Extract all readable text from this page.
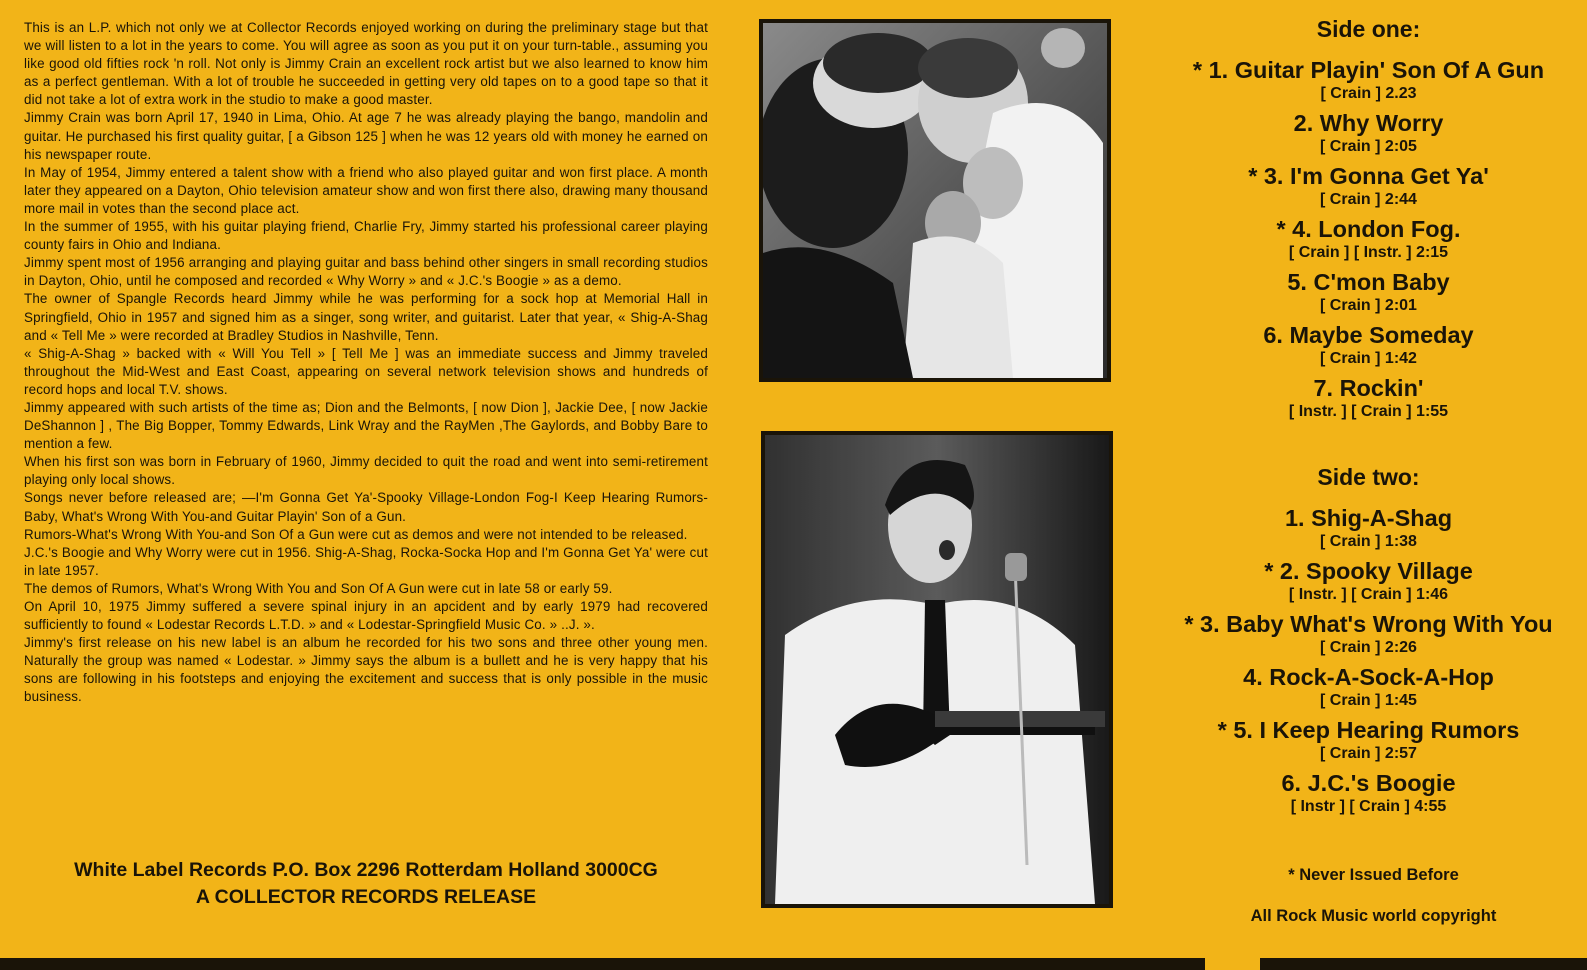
This is an L.P. which not only we at Collector Records enjoyed working on during the preliminary stage but that we will listen to a lot in the years to come. You will agree as soon as you put it on your turn-table., assuming you like good old fifties rock 'n roll. Not only is Jimmy Crain an excellent rock artist but we also learned to know him as a perfect gentleman. With a lot of trouble he succeeded in getting very old tapes on to a good tape so that it did not take a lot of extra work in the studio to make a good master.

Jimmy Crain was born April 17, 1940 in Lima, Ohio. At age 7 he was already playing the bango, mandolin and guitar. He purchased his first quality guitar, [ a Gibson 125 ] when he was 12 years old with money he earned on his newspaper route.

In May of 1954, Jimmy entered a talent show with a friend who also played guitar and won first place. A month later they appeared on a Dayton, Ohio television amateur show and won first there also, drawing many thousand more mail in votes than the second place act.

In the summer of 1955, with his guitar playing friend, Charlie Fry, Jimmy started his professional career playing county fairs in Ohio and Indiana.

Jimmy spent most of 1956 arranging and playing guitar and bass behind other singers in small recording studios in Dayton, Ohio, until he composed and recorded « Why Worry » and « J.C.'s Boogie » as a demo.

The owner of Spangle Records heard Jimmy while he was performing for a sock hop at Memorial Hall in Springfield, Ohio in 1957 and signed him as a singer, song writer, and guitarist. Later that year, « Shig-A-Shag and « Tell Me » were recorded at Bradley Studios in Nashville, Tenn.

« Shig-A-Shag » backed with « Will You Tell » [ Tell Me ] was an immediate success and Jimmy traveled throughout the Mid-West and East Coast, appearing on several network television shows and hundreds of record hops and local T.V. shows.

Jimmy appeared with such artists of the time as; Dion and the Belmonts, [ now Dion ], Jackie Dee, [ now Jackie DeShannon ] , The Big Bopper, Tommy Edwards, Link Wray and the RayMen ,The Gaylords, and Bobby Bare to mention a few.

When his first son was born in February of 1960, Jimmy decided to quit the road and went into semi-retirement playing only local shows.

Songs never before released are; —I'm Gonna Get Ya'-Spooky Village-London Fog-I Keep Hearing Rumors-Baby, What's Wrong With You-and Guitar Playin' Son of a Gun.

Rumors-What's Wrong With You-and Son Of a Gun were cut as demos and were not intended to be released.

J.C.'s Boogie and Why Worry were cut in 1956. Shig-A-Shag, Rocka-Socka Hop and I'm Gonna Get Ya' were cut in late 1957.

The demos of Rumors, What's Wrong With You and Son Of A Gun were cut in late 58 or early 59.

On April 10, 1975 Jimmy suffered a severe spinal injury in an apcident and by early 1979 had recovered sufficiently to found « Lodestar Records L.T.D. » and « Lodestar-Springfield Music Co. » ..J. ».

Jimmy's first release on his new label is an album he recorded for his two sons and three other young men. Naturally the group was named « Lodestar. » Jimmy says the album is a bullett and he is very happy that his sons are following in his footsteps and enjoying the excitement and success that is only possible in the music business.

White Label Records P.O. Box 2296 Rotterdam Holland 3000CG
A COLLECTOR RECORDS RELEASE
Side one:
* 1. Guitar Playin' Son Of A Gun
[ Crain ] 2.23
2. Why Worry
[ Crain ] 2:05
* 3. I'm Gonna Get Ya'
[ Crain ] 2:44
* 4. London Fog.
[ Crain ] [ Instr. ] 2:15
5. C'mon Baby
[ Crain ] 2:01
6. Maybe Someday
[ Crain ] 1:42
7. Rockin'
[ Instr. ] [ Crain ] 1:55
Side two:
1. Shig-A-Shag
[ Crain ] 1:38
* 2. Spooky Village
[ Instr. ] [ Crain ] 1:46
* 3. Baby What's Wrong With You
[ Crain ] 2:26
4. Rock-A-Sock-A-Hop
[ Crain ] 1:45
* 5. I Keep Hearing Rumors
[ Crain ] 2:57
6. J.C.'s Boogie
[ Instr ] [ Crain ] 4:55
* Never Issued Before
All Rock Music world copyright
